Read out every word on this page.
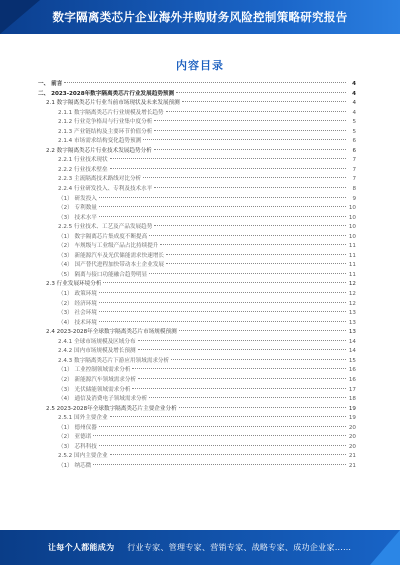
数字隔离类芯片企业海外并购财务风险控制策略研究报告
内容目录
一、 前言	4
二、 2023-2028年数字隔离类芯片行业发展趋势预测	4
2.1 数字隔离类芯片行业当前市场现状及未来发展预测	4
2.1.1 数字隔离类芯片行业规模及增长趋势	4
2.1.2 行业竞争格局与行业集中度分析	5
2.1.3 产业链结构及主要环节价值分析	5
2.1.4 市场需求结构变化趋势预测	6
2.2 数字隔离类芯片行业技术发展趋势分析	6
2.2.1 行业技术现状	7
2.2.2 行业技术壁垒	7
2.2.3 主流隔离技术路线对比分析	7
2.2.4 行业研发投入、专利及技术水平	8
（1） 研发投入	9
（2） 专利数量	10
（3） 技术水平	10
2.2.5 行业技术、工艺及产品发展趋势	10
（1） 数字隔离芯片集成度不断提高	10
（2） 车规级与工业级产品占比持续提升	11
（3） 新能源汽车及光伏储能需求快速增长	11
（4） 国产替代进程加快带动本土企业发展	11
（5） 隔离与接口功能融合趋势明显	11
2.3 行业发展环境分析	12
（1） 政策环境	12
（2） 经济环境	12
（3） 社会环境	13
（4） 技术环境	13
2.4 2023-2028年全球数字隔离类芯片市场规模预测	13
2.4.1 全球市场规模及区域分布	14
2.4.2 国内市场规模及增长预测	14
2.4.3 数字隔离类芯片下游应用领域需求分析	15
（1） 工业控制领域需求分析	16
（2） 新能源汽车领域需求分析	16
（3） 光伏储能领域需求分析	17
（4） 通信及消费电子领域需求分析	18
2.5 2023-2028年全球数字隔离类芯片主要企业分析	19
2.5.1 国外主要企业	19
（1） 德州仪器	20
（2） 亚德诺	20
（3） 芯科科技	20
2.5.2 国内主要企业	21
（1） 纳芯微	21
让每个人都能成为 行业专家、管理专家、营销专家、战略专家、成功企业家……
